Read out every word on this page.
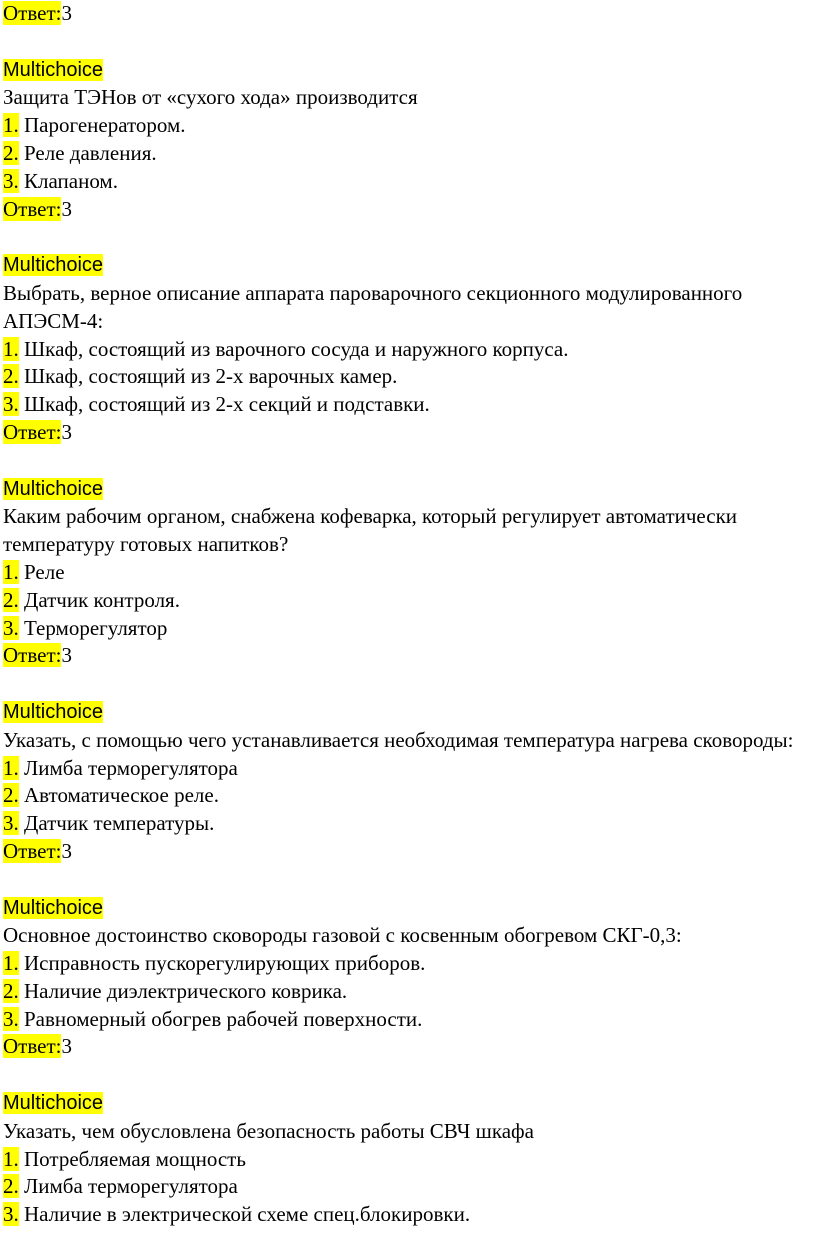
Ответ:3
Multichoice
Защита ТЭНов от «сухого хода» производится
1. Парогенератором.
2. Реле давления.
3. Клапаном.
Ответ:3
Multichoice
Выбрать, верное описание аппарата пароварочного секционного модулированного АПЭСМ-4:
1. Шкаф, состоящий из варочного сосуда и наружного корпуса.
2. Шкаф, состоящий из 2-х варочных камер.
3. Шкаф, состоящий из 2-х секций и подставки.
Ответ:3
Multichoice
Каким рабочим органом, снабжена кофеварка, который регулирует автоматически температуру готовых напитков?
1. Реле
2. Датчик контроля.
3. Терморегулятор
Ответ:3
Multichoice
Указать, с помощью чего устанавливается необходимая температура нагрева сковороды:
1. Лимба терморегулятора
2. Автоматическое реле.
3. Датчик температуры.
Ответ:3
Multichoice
Основное достоинство сковороды газовой с косвенным обогревом СКГ-0,3:
1. Исправность пускорегулирующих приборов.
2. Наличие диэлектрического коврика.
3. Равномерный обогрев рабочей поверхности.
Ответ:3
Multichoice
Указать, чем обусловлена безопасность работы СВЧ шкафа
1. Потребляемая мощность
2. Лимба терморегулятора
3. Наличие в электрической схеме спец.блокировки.
